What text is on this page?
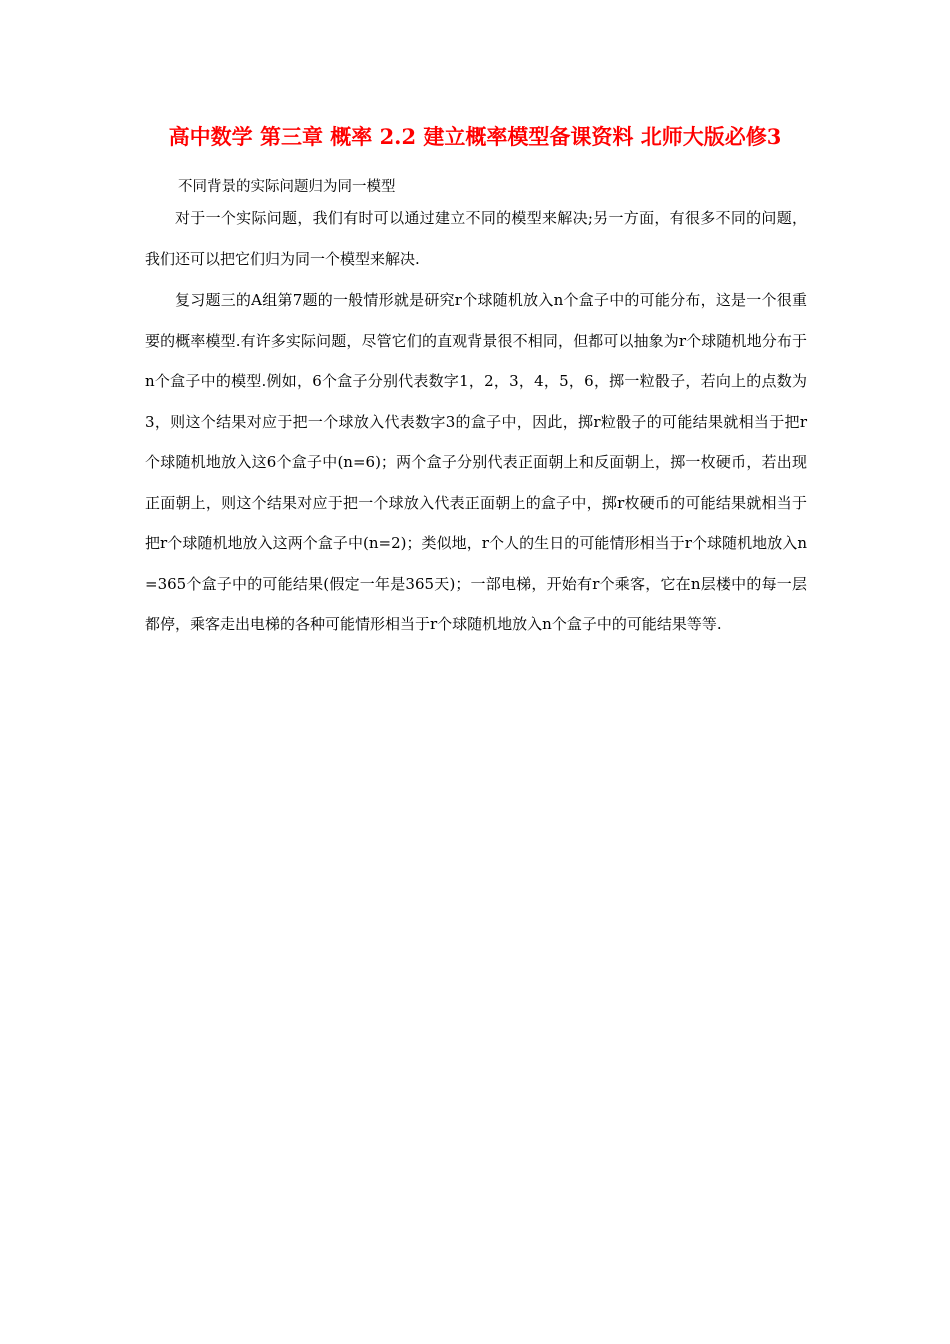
高中数学 第三章 概率 2.2 建立概率模型备课资料 北师大版必修3

不同背景的实际问题归为同一模型

对于一个实际问题，我们有时可以通过建立不同的模型来解决;另一方面，有很多不同的问题，我们还可以把它们归为同一个模型来解决.

复习题三的A组第7题的一般情形就是研究r个球随机放入n个盒子中的可能分布，这是一个很重要的概率模型.有许多实际问题，尽管它们的直观背景很不相同，但都可以抽象为r个球随机地分布于n个盒子中的模型.例如，6个盒子分别代表数字1，2，3，4，5，6，掷一粒骰子，若向上的点数为3，则这个结果对应于把一个球放入代表数字3的盒子中，因此，掷r粒骰子的可能结果就相当于把r个球随机地放入这6个盒子中(n=6)；两个盒子分别代表正面朝上和反面朝上，掷一枚硬币，若出现正面朝上，则这个结果对应于把一个球放入代表正面朝上的盒子中，掷r枚硬币的可能结果就相当于把r个球随机地放入这两个盒子中(n=2)；类似地，r个人的生日的可能情形相当于r个球随机地放入n=365个盒子中的可能结果(假定一年是365天)；一部电梯，开始有r个乘客，它在n层楼中的每一层都停，乘客走出电梯的各种可能情形相当于r个球随机地放入n个盒子中的可能结果等等.
